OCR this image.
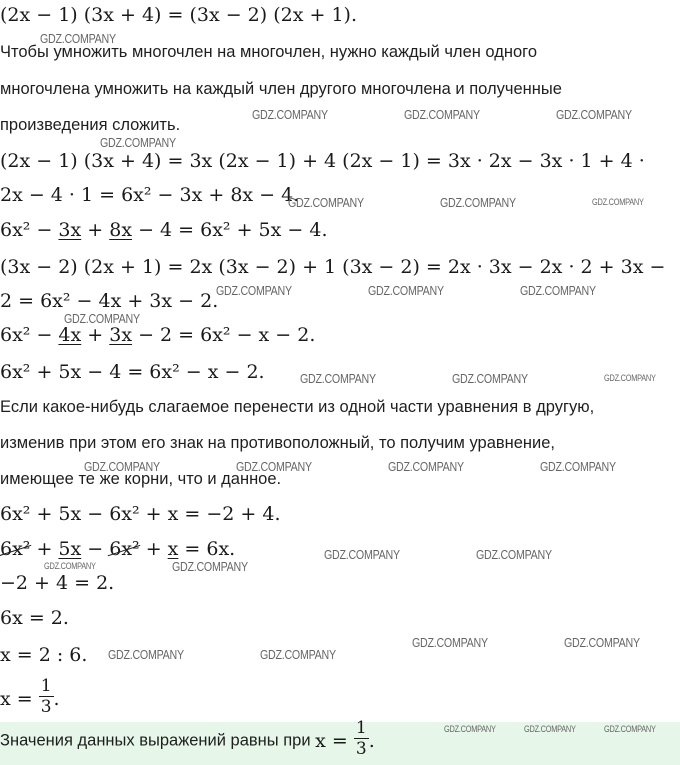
(2x − 1) (3x + 4) = (3x − 2) (2x + 1).
Чтобы умножить многочлен на многочлен, нужно каждый член одного
многочлена умножить на каждый член другого многочлена и полученные
произведения сложить.
(2x − 1) (3x + 4) = 3x (2x − 1) + 4 (2x − 1) = 3x · 2x − 3x · 1 + 4 ·
2x − 4 · 1 = 6x² − 3x + 8x − 4.
6x² − 3x + 8x − 4 = 6x² + 5x − 4.
(3x − 2) (2x + 1) = 2x (3x − 2) + 1 (3x − 2) = 2x · 3x − 2x · 2 + 3x −
2 = 6x² − 4x + 3x − 2.
6x² − 4x + 3x − 2 = 6x² − x − 2.
6x² + 5x − 4 = 6x² − x − 2.
Если какое-нибудь слагаемое перенести из одной части уравнения в другую,
изменив при этом его знак на противоположный, то получим уравнение,
имеющее те же корни, что и данное.
6x² + 5x − 6x² + x = −2 + 4.
6x² + 5x − 6x² + x = 6x.
−2 + 4 = 2.
6x = 2.
x = 2 : 6.
$x = \frac{1}{3}$ .
Значения данных выражений равны при $x = \frac{1}{3}$ .
GDZ.COMPANY
GDZ.COMPANY	GDZ.COMPANY	GDZ.COMPANY
GDZ.COMPANY
GDZ.COMPANY	GDZ.COMPANY	GDZ.COMPANY
GDZ.COMPANY	GDZ.COMPANY	GDZ.COMPANY
GDZ.COMPANY
GDZ.COMPANY	GDZ.COMPANY	GDZ.COMPANY
GDZ.COMPANY	GDZ.COMPANY	GDZ.COMPANY	GDZ.COMPANY
GDZ.COMPANY	GDZ.COMPANY
GDZ.COMPANY	GDZ.COMPANY
GDZ.COMPANY	GDZ.COMPANY
GDZ.COMPANY	GDZ.COMPANY
GDZ.COMPANY	GDZ.COMPANY	GDZ.COMPANY
